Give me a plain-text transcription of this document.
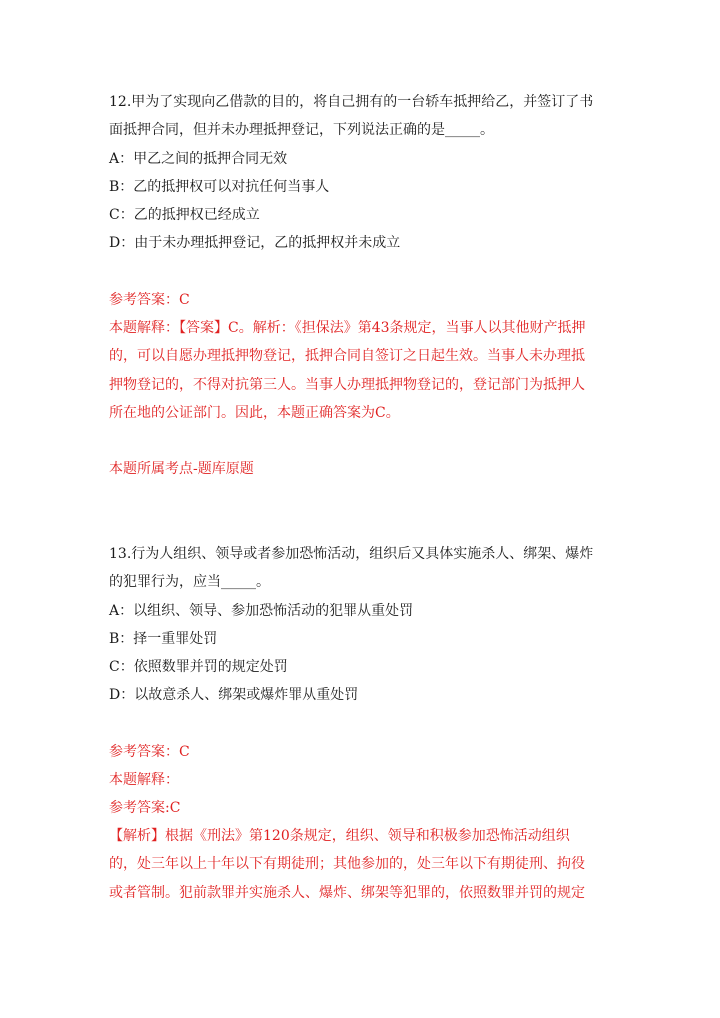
12.甲为了实现向乙借款的目的，将自己拥有的一台轿车抵押给乙，并签订了书
面抵押合同，但并未办理抵押登记，下列说法正确的是_____。
A：甲乙之间的抵押合同无效
B：乙的抵押权可以对抗任何当事人
C：乙的抵押权已经成立
D：由于未办理抵押登记，乙的抵押权并未成立
参考答案：C
本题解释：【答案】C。解析：《担保法》第43条规定，当事人以其他财产抵押
的，可以自愿办理抵押物登记，抵押合同自签订之日起生效。当事人未办理抵
押物登记的，不得对抗第三人。当事人办理抵押物登记的，登记部门为抵押人
所在地的公证部门。因此，本题正确答案为C。
本题所属考点-题库原题
13.行为人组织、领导或者参加恐怖活动，组织后又具体实施杀人、绑架、爆炸
的犯罪行为，应当_____。
A：以组织、领导、参加恐怖活动的犯罪从重处罚
B：择一重罪处罚
C：依照数罪并罚的规定处罚
D：以故意杀人、绑架或爆炸罪从重处罚
参考答案：C
本题解释：
参考答案:C
【解析】根据《刑法》第120条规定，组织、领导和积极参加恐怖活动组织
的，处三年以上十年以下有期徒刑；其他参加的，处三年以下有期徒刑、拘役
或者管制。犯前款罪并实施杀人、爆炸、绑架等犯罪的，依照数罪并罚的规定
